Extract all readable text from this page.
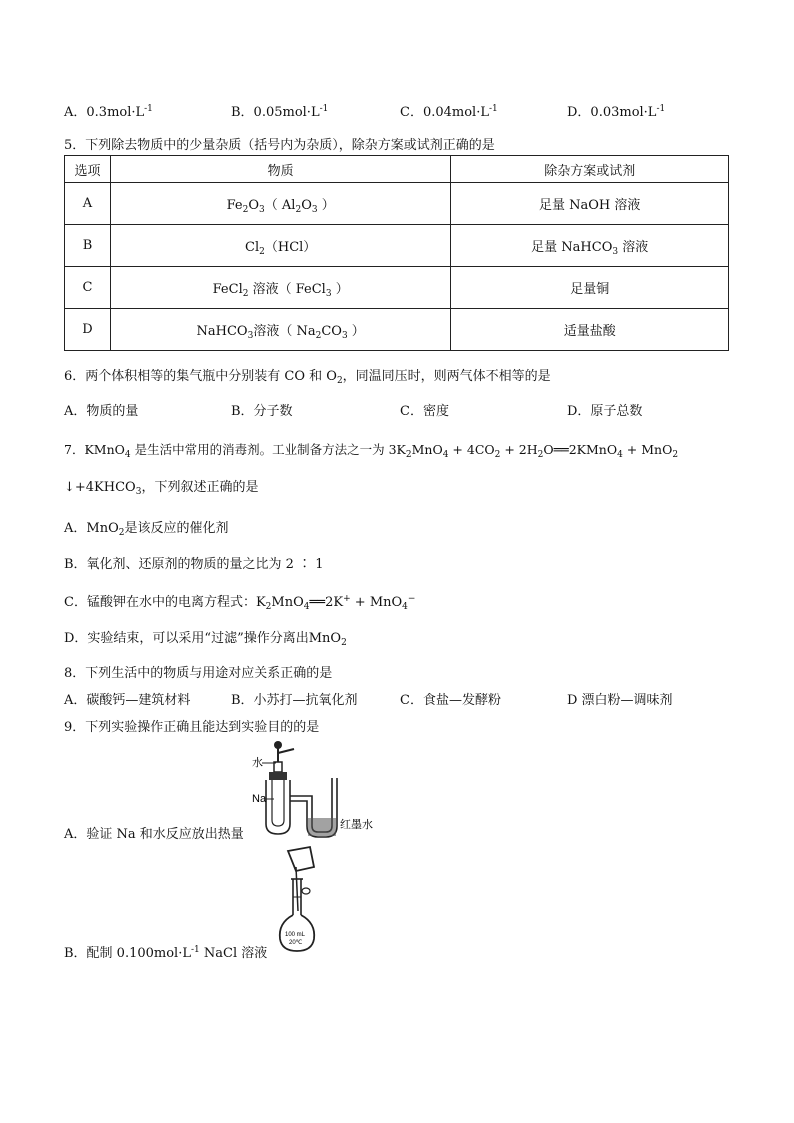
A．$0.3mol\cdot L^{-1}$	B．$0.05mol\cdot L^{-1}$	C．$0.04mol\cdot L^{-1}$	D．$0.03mol\cdot L^{-1}$
5．下列除去物质中的少量杂质（括号内为杂质），除杂方案或试剂正确的是
选项	物质	除杂方案或试剂
A	$Fe_2O_3$（ $Al_2O_3$ ）	足量 NaOH 溶液
B	$Cl_2(HCl)$	足量 NaHCO$_3$ 溶液
C	FeCl$_2$ 溶液（ FeCl$_3$ ）	足量铜
D	NaHCO$_3$溶液（ $Na_2CO_3$ ）	适量盐酸
6．两个体积相等的集气瓶中分别装有 CO 和 $O_2$，同温同压时，则两气体不相等的是
A．物质的量	B．分子数	C．密度	D．原子总数
7．KMnO$_4$ 是生活中常用的消毒剂。工业制备方法之一为 $3K_2MnO_4 + 4CO_2$ + $2H_2O══2KMnO_4 + MnO_2$
$↓+4KHCO_3$，下列叙述正确的是
A．MnO$_2$是该反应的催化剂
B．氧化剂、还原剂的物质的量之比为 2 ∶ 1
C．锰酸钾在水中的电离方程式：$K_2MnO_4══2K^+ + MnO_4^-$
D．实验结束，可以采用“过滤”操作分离出MnO$_2$
8．下列生活中的物质与用途对应关系正确的是
A．碳酸钙—建筑材料	B．小苏打—抗氧化剂	C．食盐—发酵粉	D 漂白粉—调味剂
9．下列实验操作正确且能达到实验目的的是
水
Na
红墨水
A．验证 Na 和水反应放出热量
100 mL
20℃
B．配制 $0.100mol\cdot L^{-1}$ NaCl 溶液
